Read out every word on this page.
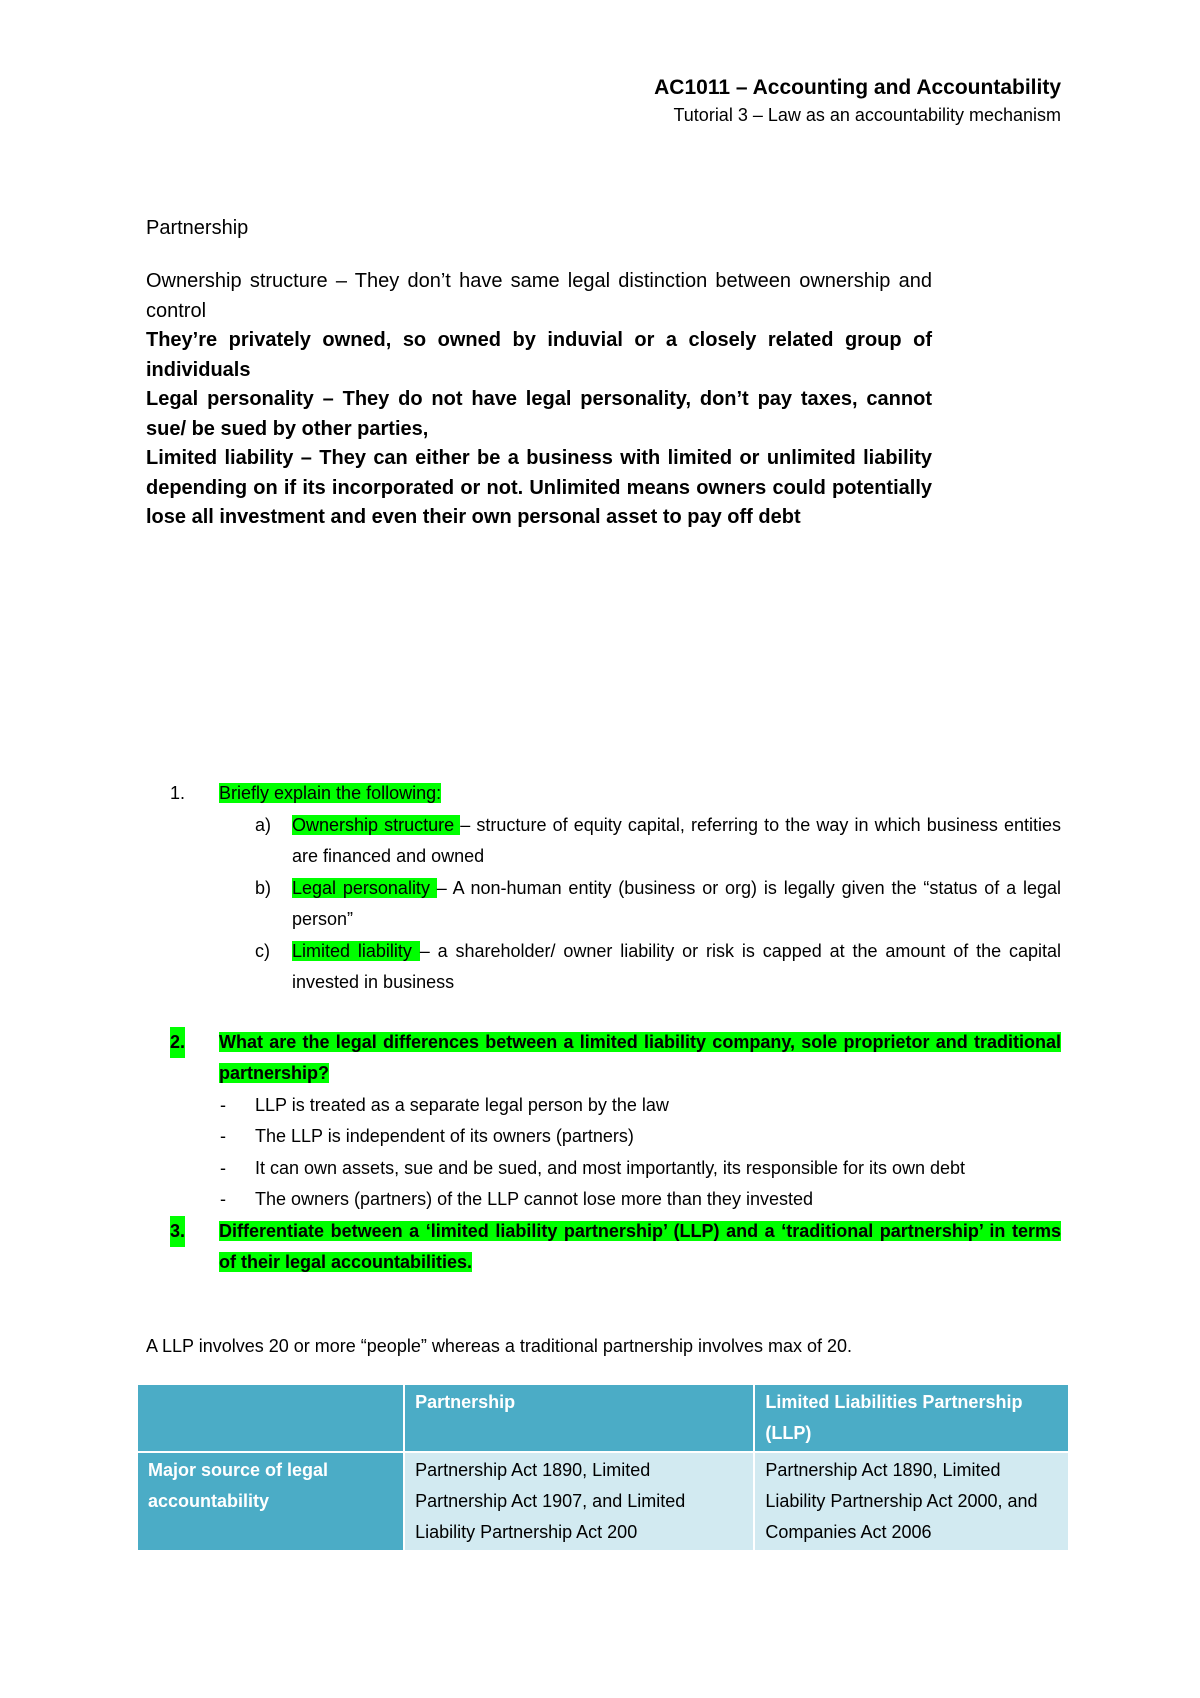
AC1011 – Accounting and Accountability
Tutorial 3 – Law as an accountability mechanism
Partnership

Ownership structure – They don’t have same legal distinction between ownership and control

They’re privately owned, so owned by induvial or a closely related group of individuals

Legal personality – They do not have legal personality, don’t pay taxes, cannot sue/ be sued by other parties,

Limited liability – They can either be a business with limited or unlimited liability depending on if its incorporated or not. Unlimited means owners could potentially lose all investment and even their own personal asset to pay off debt

1. Briefly explain the following:
a) Ownership structure – structure of equity capital, referring to the way in which business entities are financed and owned
b) Legal personality – A non-human entity (business or org) is legally given the “status of a legal person”
c) Limited liability – a shareholder/ owner liability or risk is capped at the amount of the capital invested in business
2. What are the legal differences between a limited liability company, sole proprietor and traditional partnership?
-	LLP is treated as a separate legal person by the law
-	The LLP is independent of its owners (partners)
-	It can own assets, sue and be sued, and most importantly, its responsible for its own debt
-	The owners (partners) of the LLP cannot lose more than they invested
3. Differentiate between a ‘limited liability partnership’ (LLP) and a ‘traditional partnership’ in terms of their legal accountabilities.
A LLP involves 20 or more “people” whereas a traditional partnership involves max of 20.
	Partnership	Limited Liabilities Partnership (LLP)
Major source of legal accountability	Partnership Act 1890, Limited Partnership Act 1907, and Limited Liability Partnership Act 200	Partnership Act 1890, Limited Liability Partnership Act 2000, and Companies Act 2006
